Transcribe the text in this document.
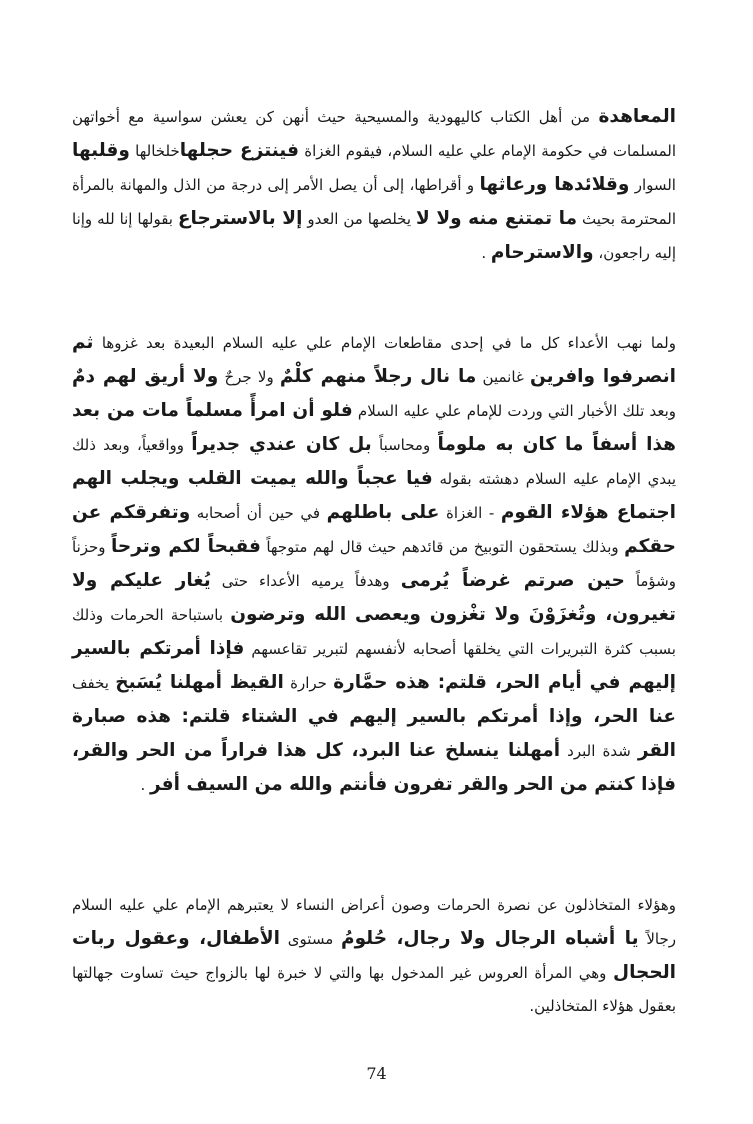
المعاهدة من أهل الكتاب كاليهودية والمسيحية حيث أنهن كن يعشن سواسية مع أخواتهن المسلمات في حكومة الإمام علي عليه السلام، فيقوم الغزاة فينتزع حجلهاخلخالها وقلبها السوار وقلائدها ورعاثها و أقراطها، إلى أن يصل الأمر إلى درجة من الذل والمهانة بالمرأة المحترمة بحيث ما تمتنع منه ولا لا يخلصها من العدو إلا بالاسترجاع بقولها إنا لله وإنا إليه راجعون، والاسترحام .
ولما نهب الأعداء كل ما في إحدى مقاطعات الإمام علي عليه السلام البعيدة بعد غزوها ثم انصرفوا وافرين غانمين ما نال رجلاً منهم كلْمٌ ولا جرحٌ ولا أريق لهم دمٌ وبعد تلك الأخبار التي وردت للإمام علي عليه السلام فلو أن امرأً مسلماً مات من بعد هذا أسفاً ما كان به ملوماً ومحاسباً بل كان عندي جديراً وواقعياً، وبعد ذلك يبدي الإمام عليه السلام دهشته بقوله فيا عجباً والله يميت القلب ويجلب الهم اجتماع هؤلاء القوم - الغزاة على باطلهم في حين أن أصحابه وتفرقكم عن حقكم وبذلك يستحقون التوبيخ من قائدهم حيث قال لهم متوجهاً فقبحاً لكم وترحاً وحزناً وشؤماً حين صرتم غرضاً يُرمى وهدفاً يرميه الأعداء حتى يُغار عليكم ولا تغيرون، وتُغزَوْنَ ولا تغْزون ويعصى الله وترضون باستباحة الحرمات وذلك بسبب كثرة التبريرات التي يخلقها أصحابه لأنفسهم لتبرير تقاعسهم فإذا أمرتكم بالسير إليهم في أيام الحر، قلتم: هذه حمَّارة حرارة القيظ أمهلنا يُسَبخ يخفف عنا الحر، وإذا أمرتكم بالسير إليهم في الشتاء قلتم: هذه صبارة القر شدة البرد أمهلنا ينسلخ عنا البرد، كل هذا فراراً من الحر والقر، فإذا كنتم من الحر والقر تفرون فأنتم والله من السيف أفر .
وهؤلاء المتخاذلون عن نصرة الحرمات وصون أعراض النساء لا يعتبرهم الإمام علي عليه السلام رجالاً يا أشباه الرجال ولا رجال، حُلومُ مستوى الأطفال، وعقول ربات الحجال وهي المرأة العروس غير المدخول بها والتي لا خبرة لها بالزواج حيث تساوت جهالتها بعقول هؤلاء المتخاذلين.
74
